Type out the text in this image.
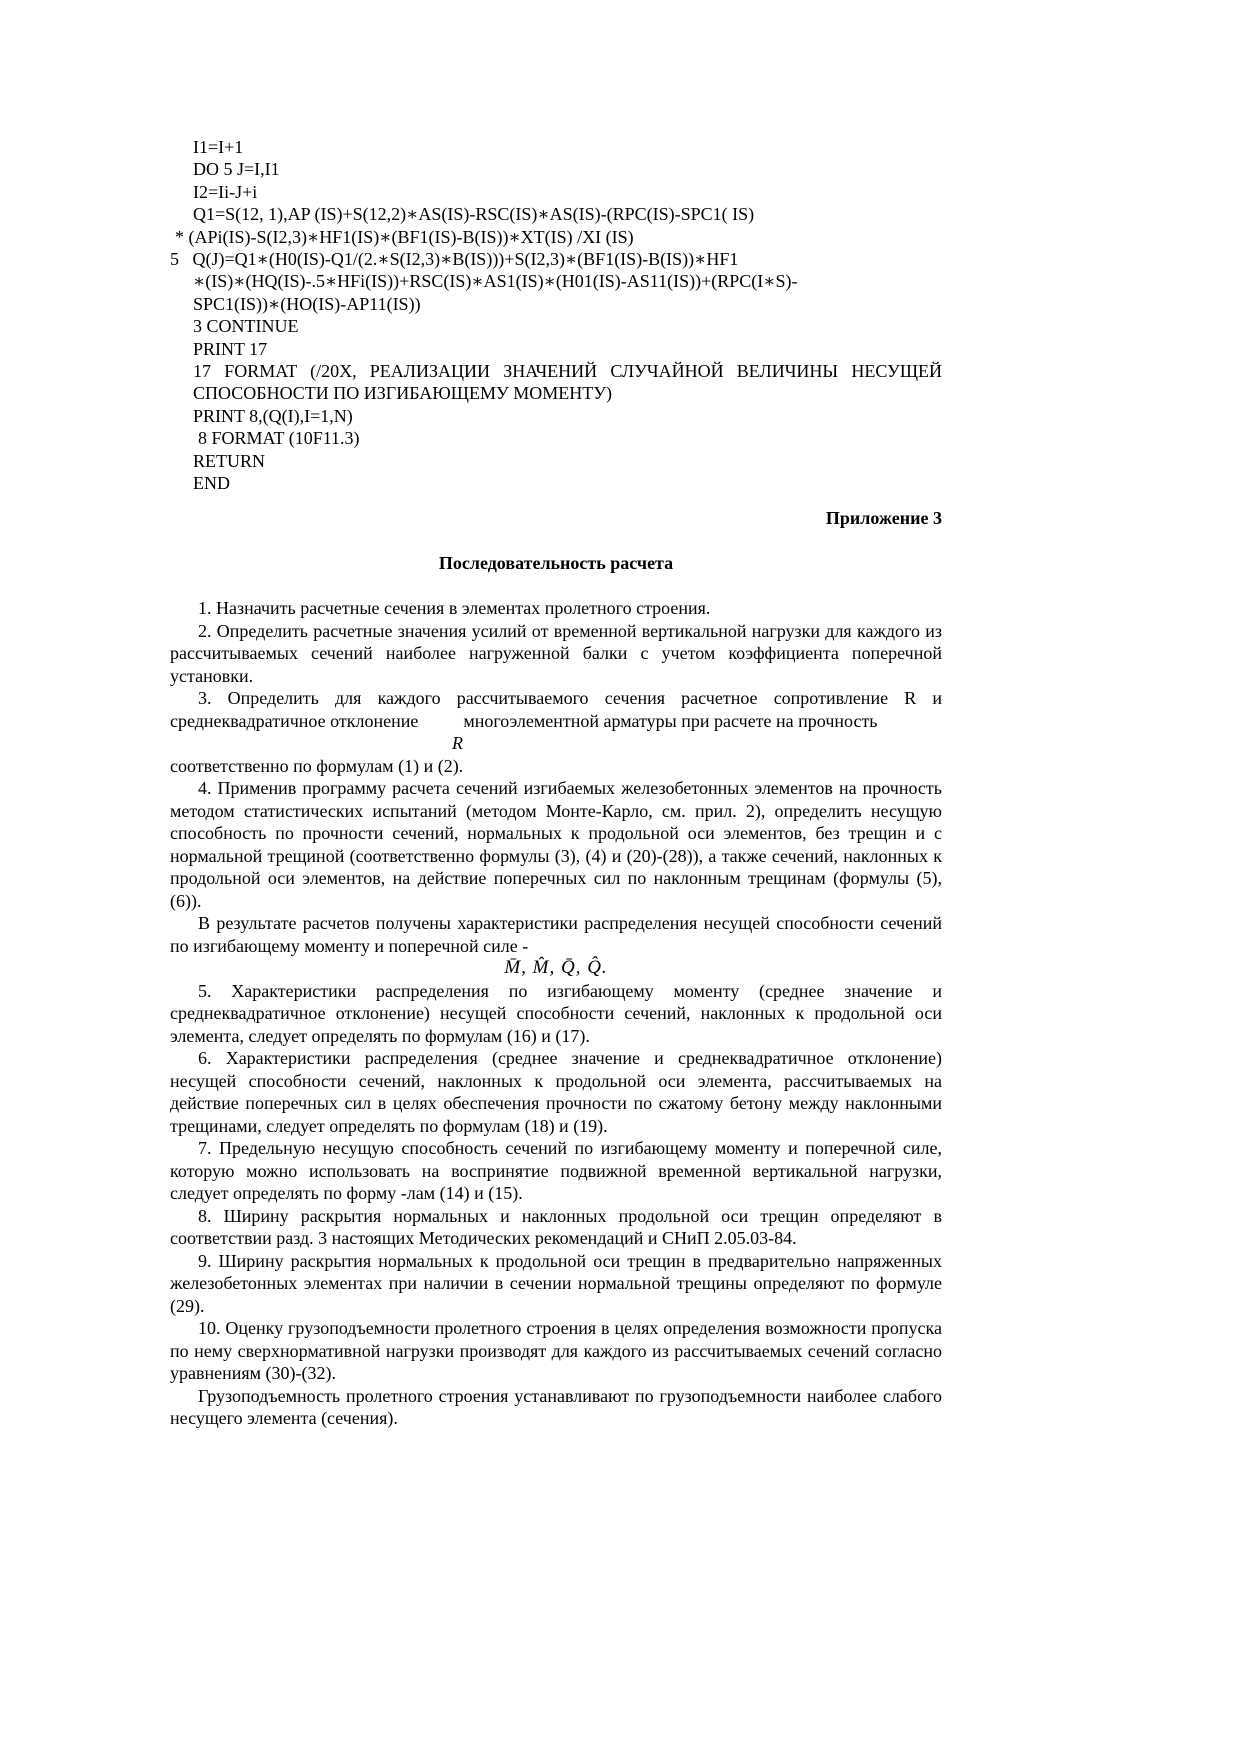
I1=I+1
DO 5 J=I,I1
I2=Ii-J+i
Q1=S(12, 1),AP (IS)+S(12,2)∗AS(IS)-RSC(IS)∗AS(IS)-(RPC(IS)-SPC1( IS)
* (APi(IS)-S(I2,3)∗HF1(IS)∗(BF1(IS)-B(IS))∗XT(IS) /XI (IS)
5   Q(J)=Q1∗(H0(IS)-Q1/(2.∗S(I2,3)∗B(IS)))+S(I2,3)∗(BF1(IS)-B(IS))∗HF1
∗(IS)∗(HQ(IS)-.5∗HFi(IS))+RSC(IS)∗AS1(IS)∗(H01(IS)-AS11(IS))+(RPC(I∗S)-
SPC1(IS))∗(HO(IS)-AP11(IS))
3 CONTINUE
PRINT 17
17 FORMAT (/20X, РЕАЛИЗАЦИИ ЗНАЧЕНИЙ СЛУЧАЙНОЙ ВЕЛИЧИНЫ НЕСУЩЕЙ СПОСОБНОСТИ ПО ИЗГИБАЮЩЕМУ МОМЕНТУ)
PRINT 8,(Q(I),I=1,N)
8 FORMAT (10F11.3)
RETURN
END
Приложение 3
Последовательность расчета

1. Назначить расчетные сечения в элементах пролетного строения.

2. Определить расчетные значения усилий от временной вертикальной нагрузки для каждого из рассчитываемых сечений наиболее нагруженной балки с учетом коэффициента поперечной установки.

3. Определить для каждого рассчитываемого сечения расчетное сопротивление R и среднеквадратичное отклонение    многоэлементной арматуры при расчете на прочность

R

соответственно по формулам (1) и (2).

4. Применив программу расчета сечений изгибаемых железобетонных элементов на прочность методом статистических испытаний (методом Монте-Карло, см. прил. 2), определить несущую способность по прочности сечений, нормальных к продольной оси элементов, без трещин и с нормальной трещиной (соответственно формулы (3), (4) и (20)-(28)), а также сечений, наклонных к продольной оси элементов, на действие поперечных сил по наклонным трещинам (формулы (5), (6)).

В результате расчетов получены характеристики распределения несущей способности сечений по изгибающему моменту и поперечной силе -

M̄, M̂, Q̄, Q̂.

5. Характеристики распределения по изгибающему моменту (среднее значение и среднеквадратичное отклонение) несущей способности сечений, наклонных к продольной оси элемента, следует определять по формулам (16) и (17).

6. Характеристики распределения (среднее значение и среднеквадратичное отклонение) несущей способности сечений, наклонных к продольной оси элемента, рассчитываемых на действие поперечных сил в целях обеспечения прочности по сжатому бетону между наклонными трещинами, следует определять по формулам (18) и (19).

7. Предельную несущую способность сечений по изгибающему моменту и поперечной силе, которую можно использовать на воспринятие подвижной временной вертикальной нагрузки, следует определять по форму -лам (14) и (15).

8. Ширину раскрытия нормальных и наклонных продольной оси трещин определяют в соответствии разд. 3 настоящих Методических рекомендаций и СНиП 2.05.03-84.

9. Ширину раскрытия нормальных к продольной оси трещин в предварительно напряженных железобетонных элементах при наличии в сечении нормальной трещины определяют по формуле (29).

10. Оценку грузоподъемности пролетного строения в целях определения возможности пропуска по нему сверхнормативной нагрузки производят для каждого из рассчитываемых сечений согласно уравнениям (30)-(32).

Грузоподъемность пролетного строения устанавливают по грузоподъемности наиболее слабого несущего элемента (сечения).
